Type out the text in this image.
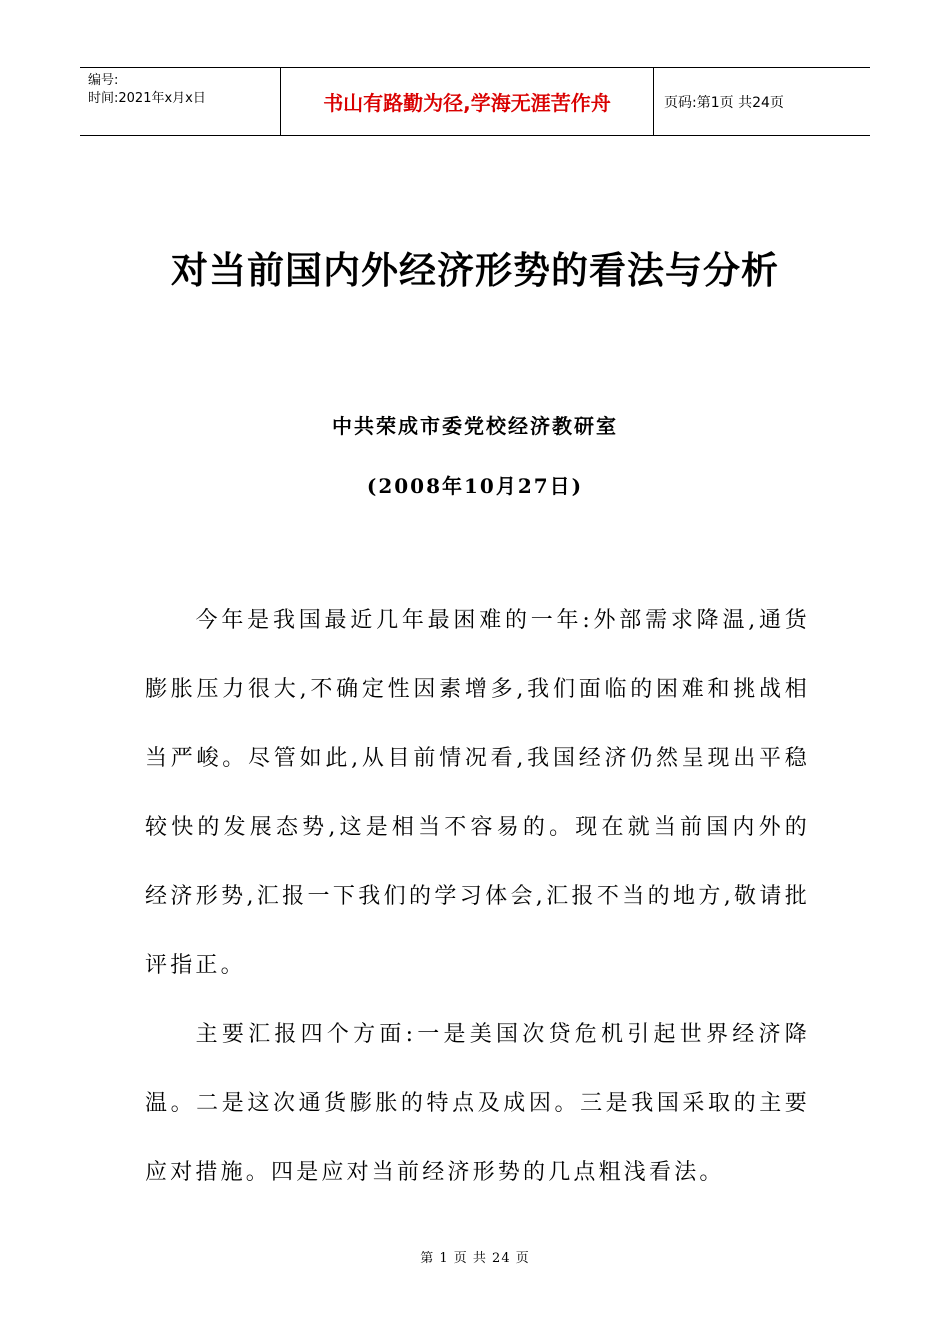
编号:
时间:2021年x月x日	书山有路勤为径,学海无涯苦作舟	页码:第1页 共24页
对当前国内外经济形势的看法与分析
中共荣成市委党校经济教研室
(2008年10月27日)

今年是我国最近几年最困难的一年:外部需求降温,通货膨胀压力很大,不确定性因素增多,我们面临的困难和挑战相当严峻。尽管如此,从目前情况看,我国经济仍然呈现出平稳较快的发展态势,这是相当不容易的。现在就当前国内外的经济形势,汇报一下我们的学习体会,汇报不当的地方,敬请批评指正。

主要汇报四个方面:一是美国次贷危机引起世界经济降温。二是这次通货膨胀的特点及成因。三是我国采取的主要应对措施。四是应对当前经济形势的几点粗浅看法。

第 1 页 共 24 页
